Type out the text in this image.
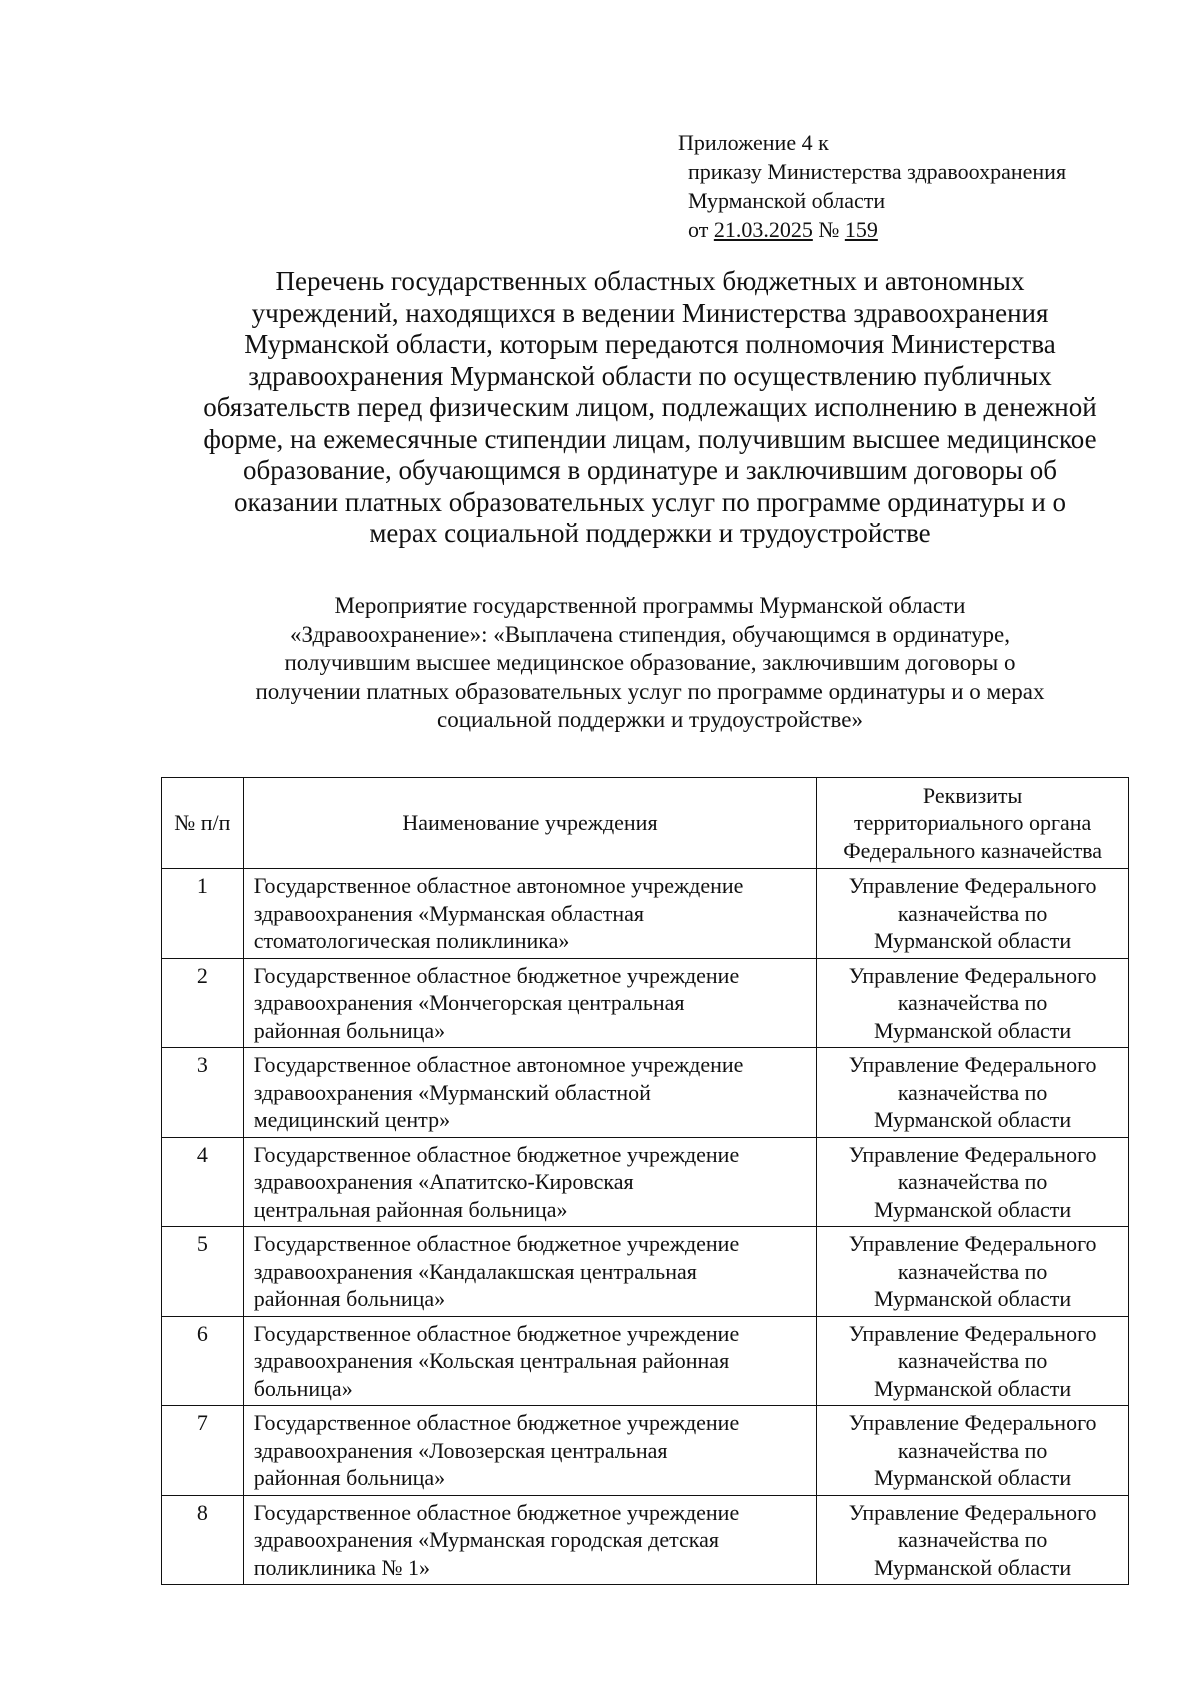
Приложение 4 к
приказу Министерства здравоохранения
Мурманской области
от 21.03.2025 № 159
Перечень государственных областных бюджетных и автономных
учреждений, находящихся в ведении Министерства здравоохранения
Мурманской области, которым передаются полномочия Министерства
здравоохранения Мурманской области по осуществлению публичных
обязательств перед физическим лицом, подлежащих исполнению в денежной
форме, на ежемесячные стипендии лицам, получившим высшее медицинское
образование, обучающимся в ординатуре и заключившим договоры об
оказании платных образовательных услуг по программе ординатуры и о
мерах социальной поддержки и трудоустройстве
Мероприятие государственной программы Мурманской области
«Здравоохранение»: «Выплачена стипендия, обучающимся в ординатуре,
получившим высшее медицинское образование, заключившим договоры о
получении платных образовательных услуг по программе ординатуры и о мерах
социальной поддержки и трудоустройстве»
№ п/п	Наименование учреждения	Реквизиты
территориального органа
Федерального казначейства

1	Государственное областное автономное учреждение
здравоохранения «Мурманская областная
стоматологическая поликлиника»	Управление Федерального
казначейства по
Мурманской области

2	Государственное областное бюджетное учреждение
здравоохранения «Мончегорская центральная
районная больница»	Управление Федерального
казначейства по
Мурманской области

3	Государственное областное автономное учреждение
здравоохранения «Мурманский областной
медицинский центр»	Управление Федерального
казначейства по
Мурманской области

4	Государственное областное бюджетное учреждение
здравоохранения «Апатитско-Кировская
центральная районная больница»	Управление Федерального
казначейства по
Мурманской области

5	Государственное областное бюджетное учреждение
здравоохранения «Кандалакшская центральная
районная больница»	Управление Федерального
казначейства по
Мурманской области

6	Государственное областное бюджетное учреждение
здравоохранения «Кольская центральная районная
больница»	Управление Федерального
казначейства по
Мурманской области

7	Государственное областное бюджетное учреждение
здравоохранения «Ловозерская центральная
районная больница»	Управление Федерального
казначейства по
Мурманской области

8	Государственное областное бюджетное учреждение
здравоохранения «Мурманская городская детская
поликлиника № 1»	Управление Федерального
казначейства по
Мурманской области
